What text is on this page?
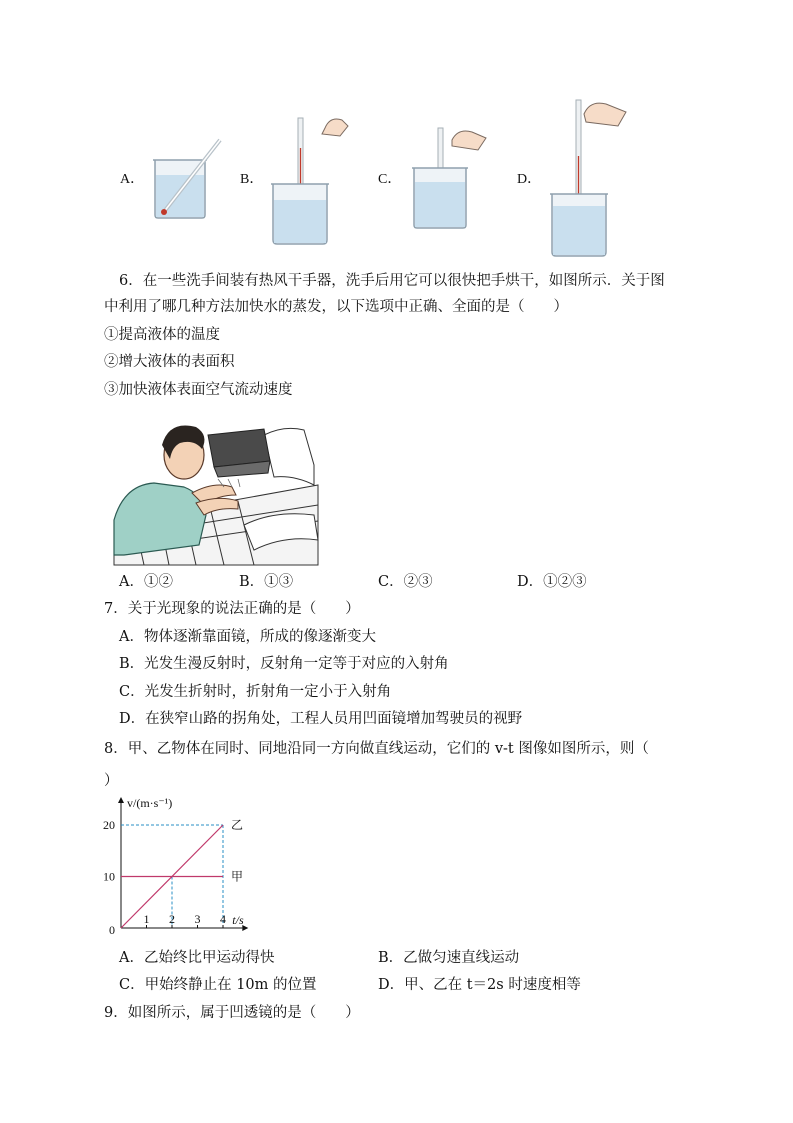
A．	B．	C．	D．
6．在一些洗手间装有热风干手器，洗手后用它可以很快把手烘干，如图所示．关于图
中利用了哪几种方法加快水的蒸发，以下选项中正确、全面的是（　　）
①提高液体的温度
②增大液体的表面积
③加快液体表面空气流动速度
A．①②	B．①③	C．②③	D．①②③
7．关于光现象的说法正确的是（　　）
A．物体逐渐靠面镜，所成的像逐渐变大
B．光发生漫反射时，反射角一定等于对应的入射角
C．光发生折射时，折射角一定小于入射角
D．在狭窄山路的拐角处，工程人员用凹面镜增加驾驶员的视野
8．甲、乙物体在同时、同地沿同一方向做直线运动，它们的 v-t 图像如图所示，则（
）
乙
甲
1 2 3 4
10
20
0
t/s
v/(m·s⁻¹)
A．乙始终比甲运动得快	B．乙做匀速直线运动
C．甲始终静止在 10m 的位置	D．甲、乙在 t＝2s 时速度相等
9．如图所示，属于凹透镜的是（　　）
